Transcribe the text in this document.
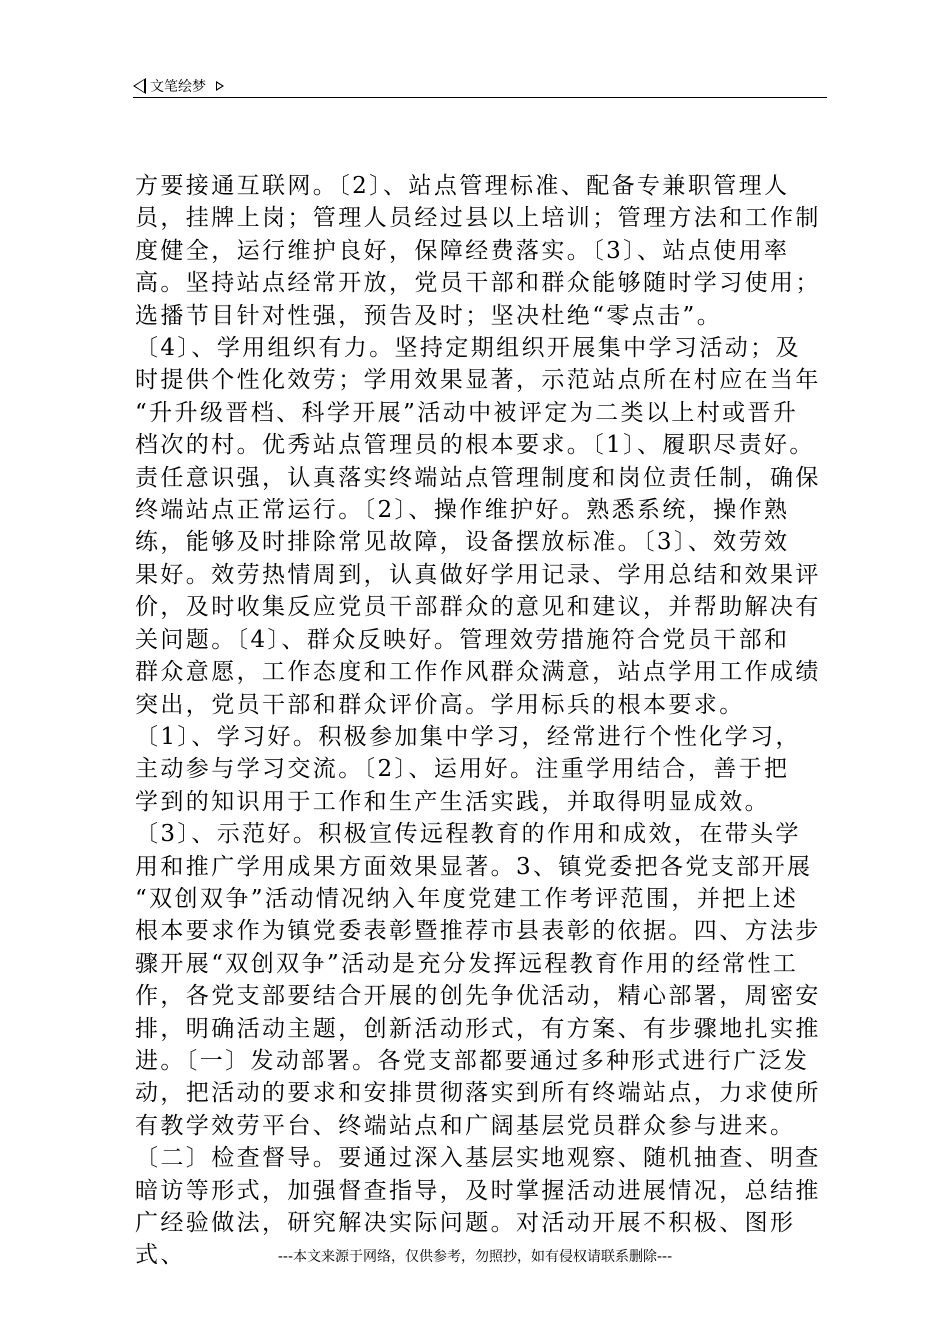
文笔绘梦

方要接通互联网。〔2〕、站点管理标准、配备专兼职管理人
员，挂牌上岗；管理人员经过县以上培训；管理方法和工作制
度健全，运行维护良好，保障经费落实。〔3〕、站点使用率
高。坚持站点经常开放，党员干部和群众能够随时学习使用；
选播节目针对性强，预告及时；坚决杜绝“零点击”。
〔4〕、学用组织有力。坚持定期组织开展集中学习活动；及
时提供个性化效劳；学用效果显著，示范站点所在村应在当年
“升升级晋档、科学开展”活动中被评定为二类以上村或晋升
档次的村。优秀站点管理员的根本要求。〔1〕、履职尽责好。
责任意识强，认真落实终端站点管理制度和岗位责任制，确保
终端站点正常运行。〔2〕、操作维护好。熟悉系统，操作熟
练，能够及时排除常见故障，设备摆放标准。〔3〕、效劳效
果好。效劳热情周到，认真做好学用记录、学用总结和效果评
价，及时收集反应党员干部群众的意见和建议，并帮助解决有
关问题。〔4〕、群众反映好。管理效劳措施符合党员干部和
群众意愿，工作态度和工作作风群众满意，站点学用工作成绩
突出，党员干部和群众评价高。学用标兵的根本要求。
〔1〕、学习好。积极参加集中学习，经常进行个性化学习，
主动参与学习交流。〔2〕、运用好。注重学用结合，善于把
学到的知识用于工作和生产生活实践，并取得明显成效。
〔3〕、示范好。积极宣传远程教育的作用和成效，在带头学
用和推广学用成果方面效果显著。3、镇党委把各党支部开展
“双创双争”活动情况纳入年度党建工作考评范围，并把上述
根本要求作为镇党委表彰暨推荐市县表彰的依据。四、方法步
骤开展“双创双争”活动是充分发挥远程教育作用的经常性工
作，各党支部要结合开展的创先争优活动，精心部署，周密安
排，明确活动主题，创新活动形式，有方案、有步骤地扎实推
进。〔一〕发动部署。各党支部都要通过多种形式进行广泛发
动，把活动的要求和安排贯彻落实到所有终端站点，力求使所
有教学效劳平台、终端站点和广阔基层党员群众参与进来。
〔二〕检查督导。要通过深入基层实地观察、随机抽查、明查
暗访等形式，加强督查指导，及时掌握活动进展情况，总结推
广经验做法，研究解决实际问题。对活动开展不积极、图形式、	---本文来源于网络，仅供参考，勿照抄，如有侵权请联系删除---
